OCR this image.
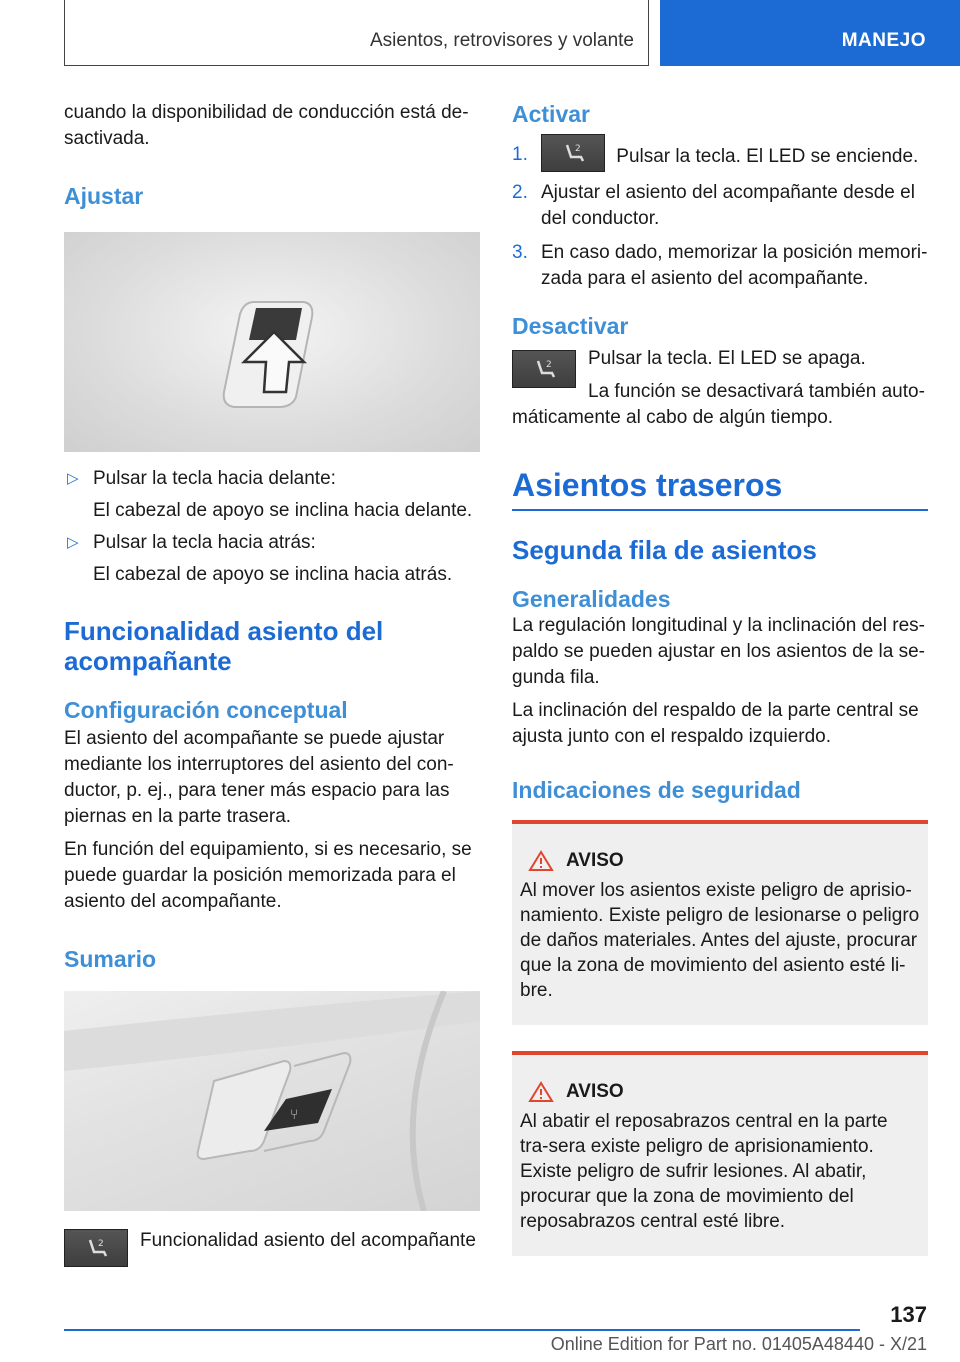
Asientos, retrovisores y volante	MANEJO

cuando la disponibilidad de conducción está de-sactivada.

Ajustar
▷ Pulsar la tecla hacia delante:
El cabezal de apoyo se inclina hacia delante.
▷ Pulsar la tecla hacia atrás:
El cabezal de apoyo se inclina hacia atrás.
Funcionalidad asiento del acompañante
Configuración conceptual

El asiento del acompañante se puede ajustar mediante los interruptores del asiento del con-ductor, p. ej., para tener más espacio para las piernas en la parte trasera.

En función del equipamiento, si es necesario, se puede guardar la posición memorizada para el asiento del acompañante.

Sumario
⑂
2 Funcionalidad asiento del acompañante
Activar
1.	2 Pulsar la tecla. El LED se enciende.
2. Ajustar el asiento del acompañante desde el del conductor.
3. En caso dado, memorizar la posición memori-zada para el asiento del acompañante.
Desactivar
2 Pulsar la tecla. El LED se apaga.

La función se desactivará también auto-

máticamente al cabo de algún tiempo.

Asientos traseros
Segunda fila de asientos
Generalidades

La regulación longitudinal y la inclinación del res-paldo se pueden ajustar en los asientos de la se-gunda fila.

La inclinación del respaldo de la parte central se ajusta junto con el respaldo izquierdo.

Indicaciones de seguridad
AVISO

Al mover los asientos existe peligro de aprisio-namiento. Existe peligro de lesionarse o peligro de daños materiales. Antes del ajuste, procurar que la zona de movimiento del asiento esté li-bre.

AVISO

Al abatir el reposabrazos central en la parte tra-sera existe peligro de aprisionamiento. Existe peligro de sufrir lesiones. Al abatir, procurar que la zona de movimiento del reposabrazos central esté libre.

137
Online Edition for Part no. 01405A48440 - X/21
